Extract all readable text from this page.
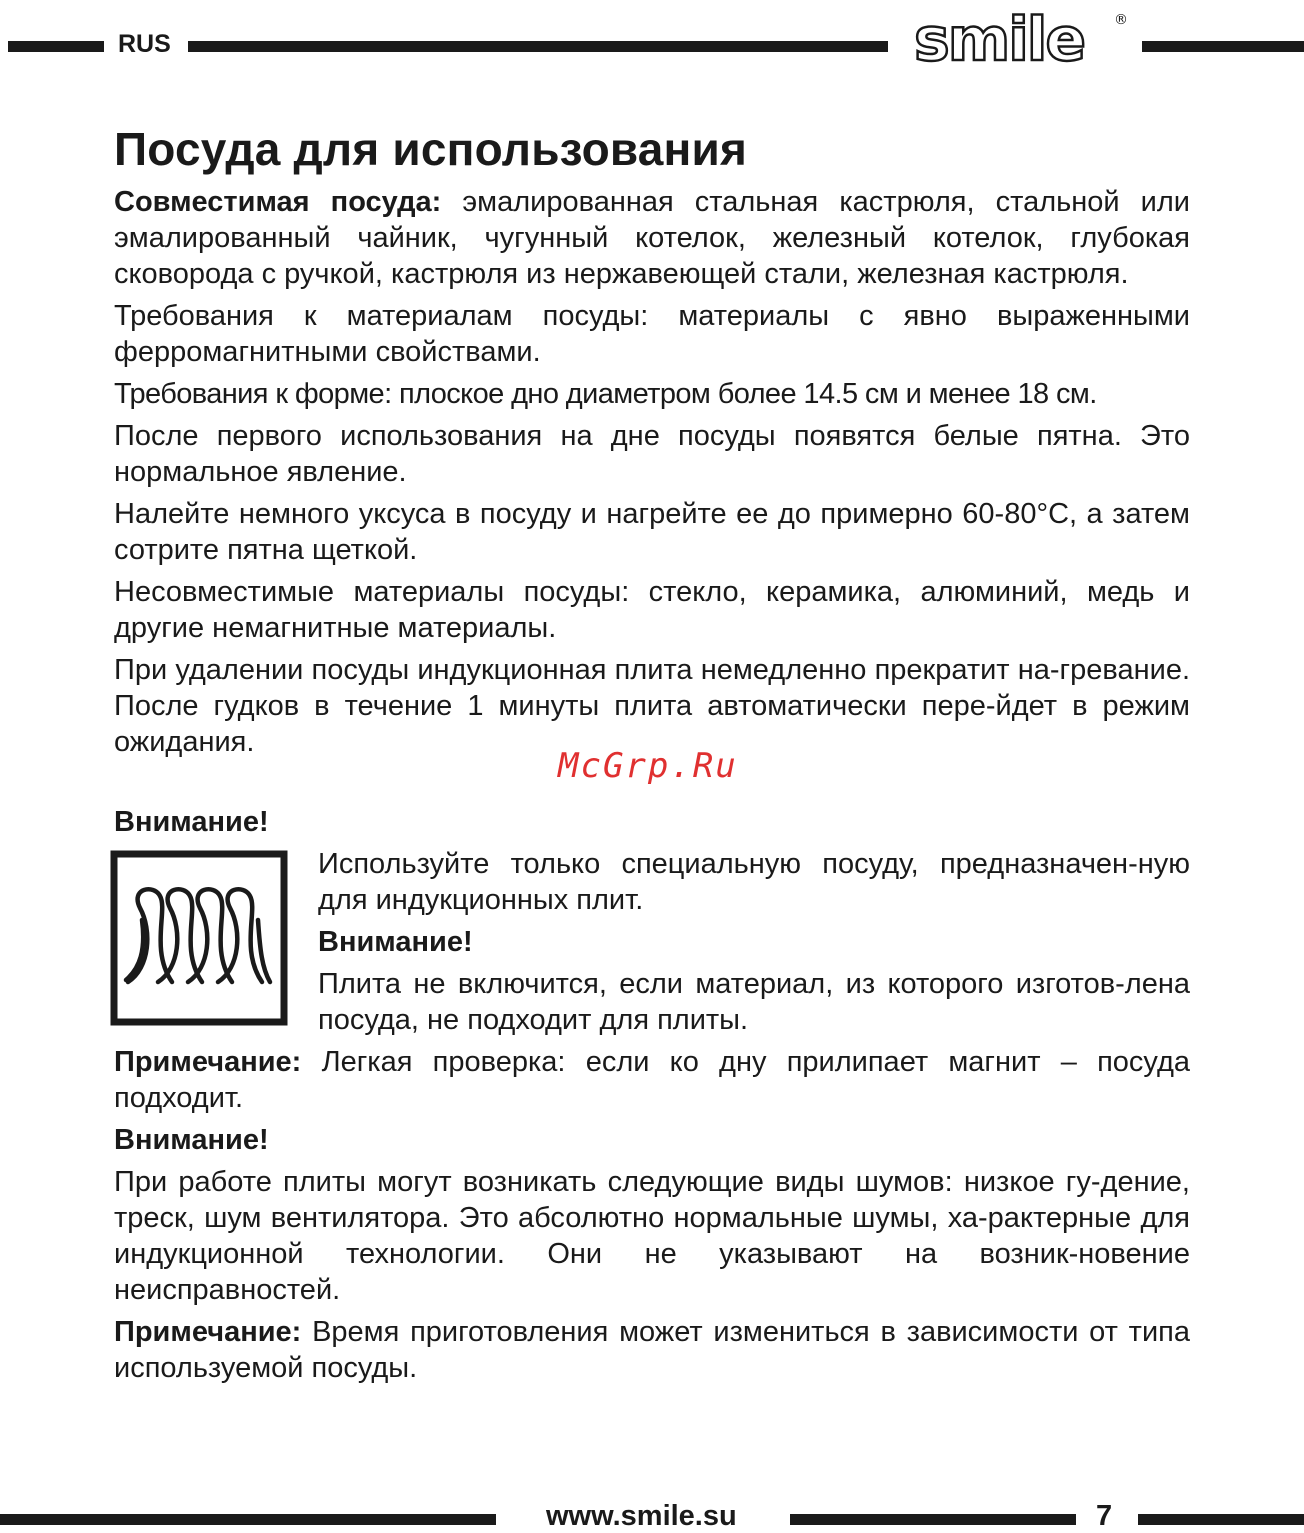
RUS	smile ®
Посуда для использования

Совместимая посуда: эмалированная стальная кастрюля, стальной или эмалированный чайник, чугунный котелок, железный котелок, глубокая сковорода с ручкой, кастрюля из нержавеющей стали, железная кастрюля.

Требования к материалам посуды: материалы с явно выраженными ферромагнитными свойствами.

Требования к форме: плоское дно диаметром более 14.5 см и менее 18 см.

После первого использования на дне посуды появятся белые пятна. Это нормальное явление.

Налейте немного уксуса в посуду и нагрейте ее до примерно 60-80°С, а затем сотрите пятна щеткой.

Несовместимые материалы посуды: стекло, керамика, алюминий, медь и другие немагнитные материалы.

При удалении посуды индукционная плита немедленно прекратит на-гревание. После гудков в течение 1 минуты плита автоматически пере-йдет в режим ожидания.

McGrp.Ru
Внимание!

Используйте только специальную посуду, предназначен-ную для индукционных плит.

Внимание!

Плита не включится, если материал, из которого изготов-лена посуда, не подходит для плиты.

Примечание: Легкая проверка: если ко дну прилипает магнит – посуда подходит.

Внимание!

При работе плиты могут возникать следующие виды шумов: низкое гу-дение, треск, шум вентилятора. Это абсолютно нормальные шумы, ха-рактерные для индукционной технологии. Они не указывают на возник-новение неисправностей.

Примечание: Время приготовления может измениться в зависимости от типа используемой посуды.

www.smile.su	7
